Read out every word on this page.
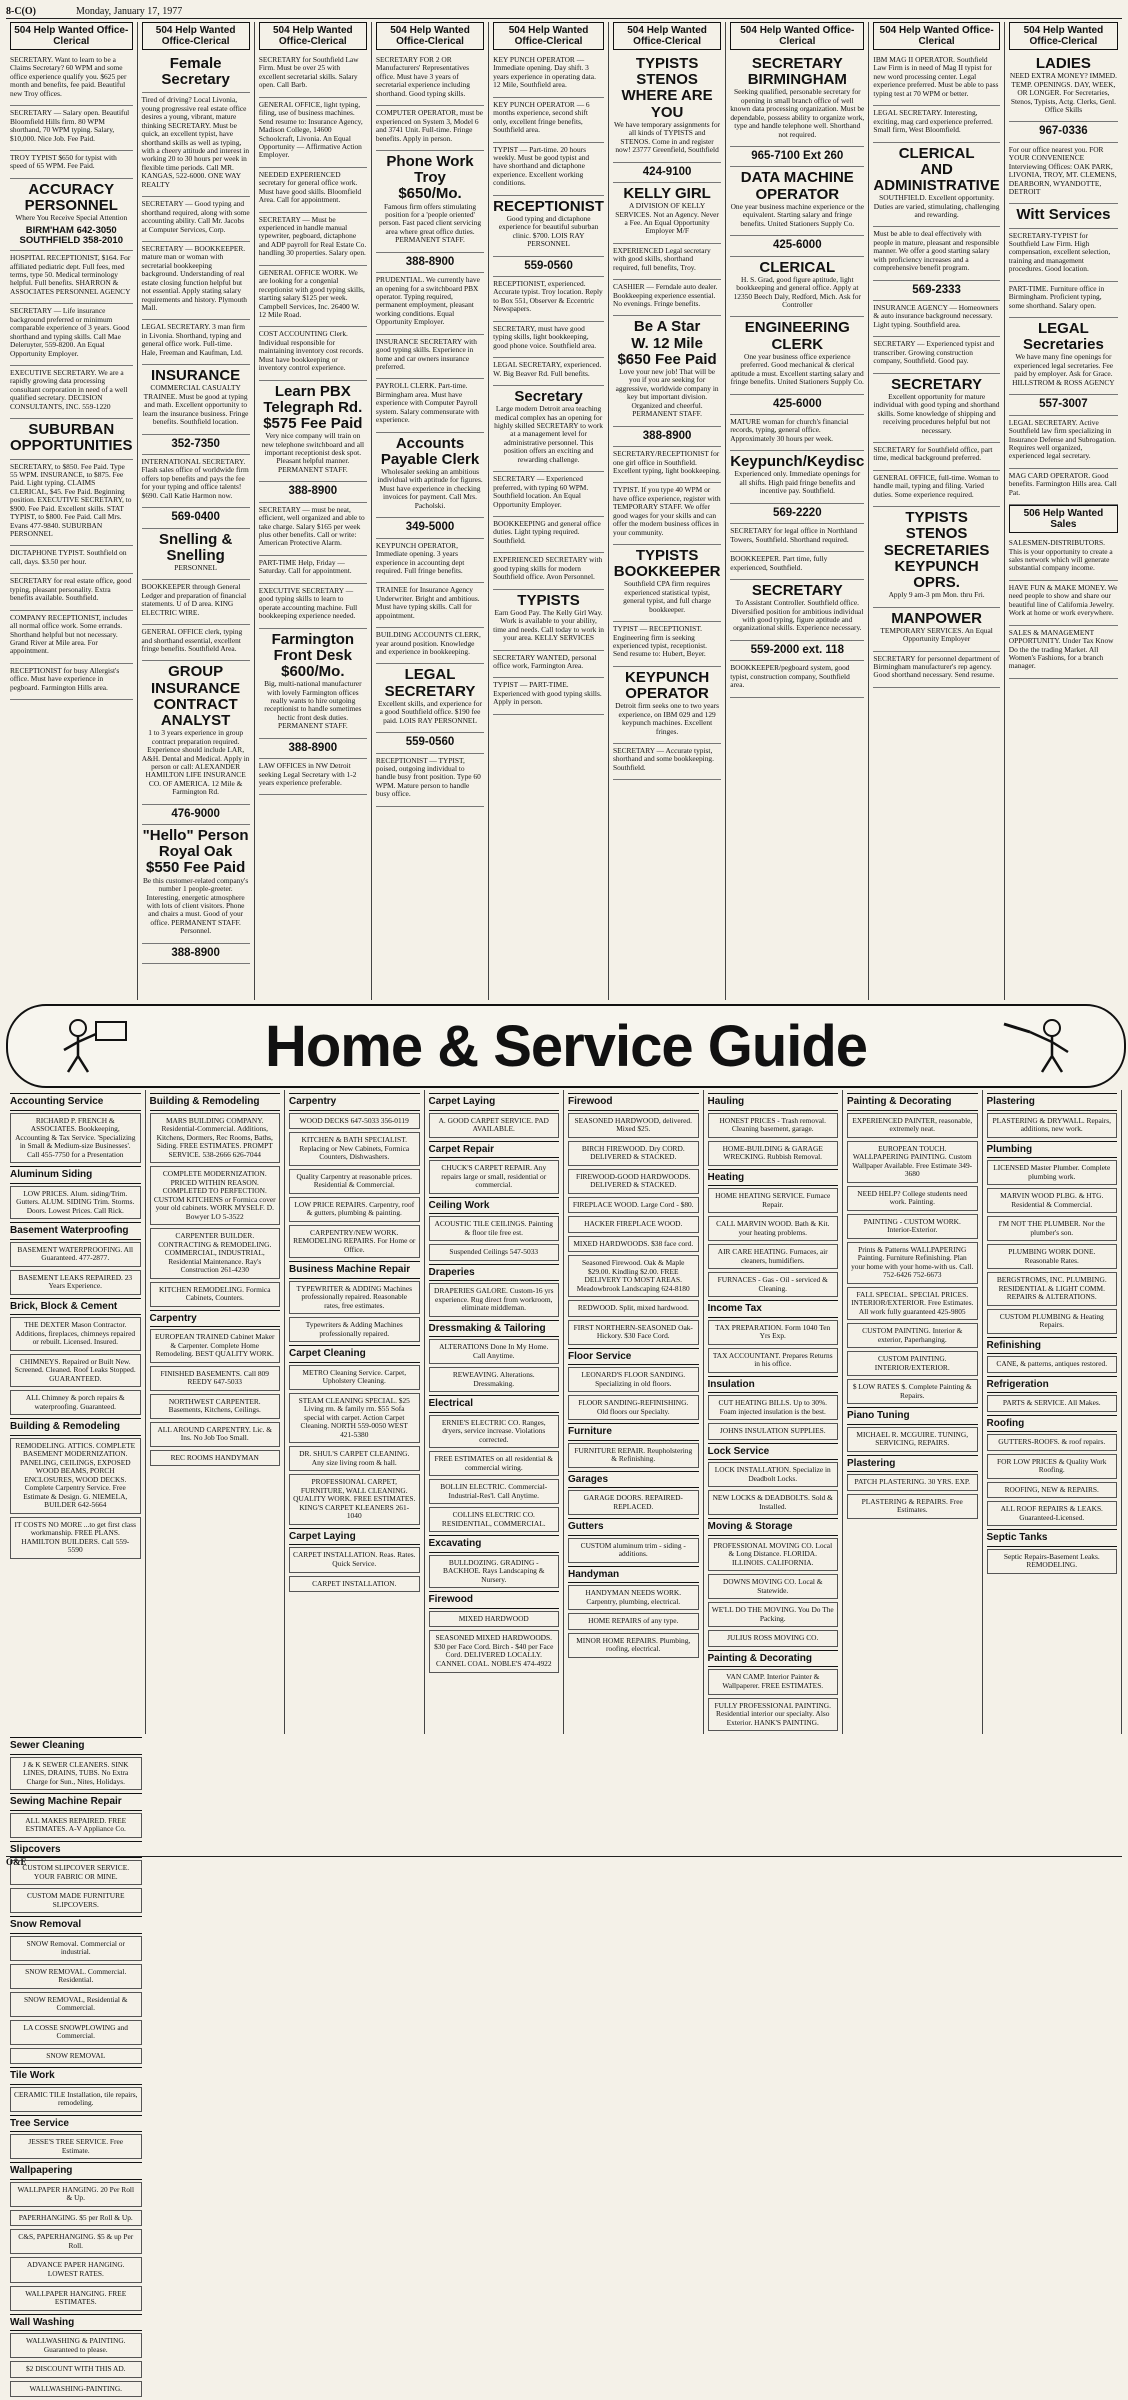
8-C(O)	Monday, January 17, 1977
504 Help Wanted Office-Clerical

SECRETARY. Want to learn to be a Claims Secretary? 60 WPM and some office experience qualify you. $625 per month and benefits, fee paid. Beautiful new Troy offices.

SECRETARY — Salary open. Beautiful Bloomfield Hills firm. 80 WPM shorthand, 70 WPM typing. Salary, $10,000. Nice Job. Fee Paid.

TROY TYPIST $650 for typist with speed of 65 WPM. Fee Paid.

ACCURACY
PERSONNEL

Where You Receive Special Attention

BIRM'HAM 642-3050
SOUTHFIELD 358-2010

HOSPITAL RECEPTIONIST, $164. For affiliated pediatric dept. Full fees, med terms, type 50. Medical terminology helpful. Full benefits. SHARRON & ASSOCIATES PERSONNEL AGENCY

SECRETARY — Life insurance background preferred or minimum comparable experience of 3 years. Good shorthand and typing skills. Call Mae Deleruyter, 559-8200. An Equal Opportunity Employer.

EXECUTIVE SECRETARY. We are a rapidly growing data processing consultant corporation in need of a well qualified secretary. DECISION CONSULTANTS, INC. 559-1220

SUBURBAN
OPPORTUNITIES

SECRETARY, to $850. Fee Paid. Type 55 WPM. INSURANCE, to $875. Fee Paid. Light typing. CLAIMS CLERICAL, $45. Fee Paid. Beginning position. EXECUTIVE SECRETARY, to $900. Fee Paid. Excellent skills. STAT TYPIST, to $800. Fee Paid. Call Mrs. Evans 477-9840. SUBURBAN PERSONNEL

DICTAPHONE TYPIST. Southfield on call, days. $3.50 per hour.

SECRETARY for real estate office, good typing, pleasant personality. Extra benefits available. Southfield.

COMPANY RECEPTIONIST, includes all normal office work. Some errands. Shorthand helpful but not necessary. Grand River at Mile area. For appointment.

RECEPTIONIST for busy Allergist's office. Must have experience in pegboard. Farmington Hills area.

504 Help Wanted Office-Clerical
Female Secretary

Tired of driving? Local Livonia, young progressive real estate office desires a young, vibrant, mature thinking SECRETARY. Must be quick, an excellent typist, have shorthand skills as well as typing, with a cheery attitude and interest in working 20 to 30 hours per week in flexible time periods. Call MR. KANGAS, 522-6000. ONE WAY REALTY

SECRETARY — Good typing and shorthand required, along with some accounting ability. Call Mr. Jacobs at Computer Services, Corp.

SECRETARY — BOOKKEEPER. mature man or woman with secretarial bookkeeping background. Understanding of real estate closing function helpful but not essential. Apply stating salary requirements and history. Plymouth Mall.

LEGAL SECRETARY. 3 man firm in Livonia. Shorthand, typing and general office work. Full-time. Hale, Freeman and Kaufman, Ltd.

INSURANCE

COMMERCIAL CASUALTY TRAINEE. Must be good at typing and math. Excellent opportunity to learn the insurance business. Fringe benefits. Southfield location.

352-7350

INTERNATIONAL SECRETARY. Flash sales office of worldwide firm offers top benefits and pays the fee for your typing and office talents! $690. Call Katie Harmon now.

569-0400
Snelling & Snelling

PERSONNEL

BOOKKEEPER through General Ledger and preparation of financial statements. U of D area. KING ELECTRIC WIRE.

GENERAL OFFICE clerk, typing and shorthand essential, excellent fringe benefits. Southfield Area.

GROUP INSURANCE
CONTRACT ANALYST

1 to 3 years experience in group contract preparation required. Experience should include LAR, A&H. Dental and Medical. Apply in person or call: ALEXANDER HAMILTON LIFE INSURANCE CO. OF AMERICA. 12 Mile & Farmington Rd.

476-9000
"Hello" Person
Royal Oak
$550 Fee Paid

Be this customer-related company's number 1 people-greeter. Interesting, energetic atmosphere with lots of client visitors. Phone and chairs a must. Good of your office. PERMANENT STAFF. Personnel.

388-8900
504 Help Wanted Office-Clerical

SECRETARY for Southfield Law Firm. Must be over 25 with excellent secretarial skills. Salary open. Call Barb.

GENERAL OFFICE, light typing, filing, use of business machines. Send resume to: Insurance Agency, Madison College, 14600 Schoolcraft, Livonia. An Equal Opportunity — Affirmative Action Employer.

NEEDED EXPERIENCED secretary for general office work. Must have good skills. Bloomfield Area. Call for appointment.

SECRETARY — Must be experienced in handle manual typewriter, pegboard, dictaphone and ADP payroll for Real Estate Co. handling 30 properties. Salary open.

GENERAL OFFICE WORK. We are looking for a congenial receptionist with good typing skills, starting salary $125 per week. Campbell Services, Inc. 26400 W. 12 Mile Road.

COST ACCOUNTING Clerk. Individual responsible for maintaining inventory cost records. Must have bookkeeping or inventory control experience.

Learn PBX
Telegraph Rd.
$575 Fee Paid

Very nice company will train on new telephone switchboard and all important receptionist desk spot. Pleasant helpful manner. PERMANENT STAFF.

388-8900

SECRETARY — must be neat, efficient, well organized and able to take charge. Salary $165 per week plus other benefits. Call or write: American Protective Alarm.

PART-TIME Help, Friday — Saturday. Call for appointment.

EXECUTIVE SECRETARY — good typing skills to learn to operate accounting machine. Full bookkeeping experience needed.

Farmington
Front Desk
$600/Mo.

Big, multi-national manufacturer with lovely Farmington offices really wants to hire outgoing receptionist to handle sometimes hectic front desk duties. PERMANENT STAFF.

388-8900

LAW OFFICES in NW Detroit seeking Legal Secretary with 1-2 years experience preferable.

504 Help Wanted Office-Clerical

SECRETARY FOR 2 OR Manufacturers' Representatives office. Must have 3 years of secretarial experience including shorthand. Good typing skills.

COMPUTER OPERATOR, must be experienced on System 3, Model 6 and 3741 Unit. Full-time. Fringe benefits. Apply in person.

Phone Work
Troy
$650/Mo.

Famous firm offers stimulating position for a 'people oriented' person. Fast paced client servicing area where great office duties. PERMANENT STAFF.

388-8900

PRUDENTIAL. We currently have an opening for a switchboard PBX operator. Typing required, permanent employment, pleasant working conditions. Equal Opportunity Employer.

INSURANCE SECRETARY with good typing skills. Experience in home and car owners insurance preferred.

PAYROLL CLERK. Part-time. Birmingham area. Must have experience with Computer Payroll system. Salary commensurate with experience.

Accounts Payable Clerk

Wholesaler seeking an ambitious individual with aptitude for figures. Must have experience in checking invoices for payment. Call Mrs. Pacholski.

349-5000

KEYPUNCH OPERATOR, Immediate opening. 3 years experience in accounting dept required. Full fringe benefits.

TRAINEE for Insurance Agency Underwriter. Bright and ambitious. Must have typing skills. Call for appointment.

BUILDING ACCOUNTS CLERK, year around position. Knowledge and experience in bookkeeping.

LEGAL
SECRETARY

Excellent skills, and experience for a good Southfield office. $190 fee paid. LOIS RAY PERSONNEL

559-0560

RECEPTIONIST — TYPIST, poised, outgoing individual to handle busy front position. Type 60 WPM. Mature person to handle busy office.

504 Help Wanted Office-Clerical

KEY PUNCH OPERATOR — Immediate opening. Day shift. 3 years experience in operating data. 12 Mile, Southfield area.

KEY PUNCH OPERATOR — 6 months experience, second shift only, excellent fringe benefits, Southfield area.

TYPIST — Part-time. 20 hours weekly. Must be good typist and have shorthand and dictaphone experience. Excellent working conditions.

RECEPTIONIST

Good typing and dictaphone experience for beautiful suburban clinic. $700. LOIS RAY PERSONNEL

559-0560

RECEPTIONIST, experienced. Accurate typist. Troy location. Reply to Box 551, Observer & Eccentric Newspapers.

SECRETARY, must have good typing skills, light bookkeeping, good phone voice. Southfield area.

LEGAL SECRETARY, experienced. W. Big Beaver Rd. Full benefits.

Secretary

Large modern Detroit area teaching medical complex has an opening for highly skilled SECRETARY to work at a management level for administrative personnel. This position offers an exciting and rewarding challenge.

SECRETARY — Experienced preferred, with typing 60 WPM. Southfield location. An Equal Opportunity Employer.

BOOKKEEPING and general office duties. Light typing required. Southfield.

EXPERIENCED SECRETARY with good typing skills for modern Southfield office. Avon Personnel.

TYPISTS

Earn Good Pay. The Kelly Girl Way. Work is available to your ability, time and needs. Call today to work in your area. KELLY SERVICES

SECRETARY WANTED, personal office work, Farmington Area.

TYPIST — PART-TIME. Experienced with good typing skills. Apply in person.

504 Help Wanted Office-Clerical
TYPISTS
STENOS
WHERE ARE YOU

We have temporary assignments for all kinds of TYPISTS and STENOS. Come in and register now! 23777 Greenfield, Southfield

424-9100
KELLY GIRL

A DIVISION OF KELLY SERVICES. Not an Agency. Never a Fee. An Equal Opportunity Employer M/F

EXPERIENCED Legal secretary with good skills, shorthand required, full benefits, Troy.

CASHIER — Ferndale auto dealer. Bookkeeping experience essential. No evenings. Fringe benefits.

Be A Star
W. 12 Mile
$650 Fee Paid

Love your new job! That will be you if you are seeking for aggressive, worldwide company in key but important division. Organized and cheerful. PERMANENT STAFF.

388-8900

SECRETARY/RECEPTIONIST for one girl office in Southfield. Excellent typing, light bookkeeping.

TYPIST. If you type 40 WPM or have office experience, register with TEMPORARY STAFF. We offer good wages for your skills and can offer the modern business offices in your community.

TYPISTS
BOOKKEEPER

Southfield CPA firm requires experienced statistical typist, general typist, and full charge bookkeeper.

TYPIST — RECEPTIONIST. Engineering firm is seeking experienced typist, receptionist. Send resume to: Hubert, Beyer.

KEYPUNCH
OPERATOR

Detroit firm seeks one to two years experience, on IBM 029 and 129 keypunch machines. Excellent fringes.

SECRETARY — Accurate typist, shorthand and some bookkeeping. Southfield.

504 Help Wanted Office-Clerical
SECRETARY
BIRMINGHAM

Seeking qualified, personable secretary for opening in small branch office of well known data processing organization. Must be dependable, possess ability to organize work, type and handle telephone well. Shorthand not required.

965-7100 Ext 260
DATA MACHINE
OPERATOR

One year business machine experience or the equivalent. Starting salary and fringe benefits. United Stationers Supply Co.

425-6000
CLERICAL

H. S. Grad, good figure aptitude, light bookkeeping and general office. Apply at 12350 Beech Daly, Redford, Mich. Ask for Controller

ENGINEERING
CLERK

One year business office experience preferred. Good mechanical & clerical aptitude a must. Excellent starting salary and fringe benefits. United Stationers Supply Co.

425-6000

MATURE woman for church's financial records, typing, general office. Approximately 30 hours per week.

Keypunch/Keydisc

Experienced only. Immediate openings for all shifts. High paid fringe benefits and incentive pay. Southfield.

569-2220

SECRETARY for legal office in Northland Towers, Southfield. Shorthand required.

BOOKKEEPER. Part time, fully experienced, Southfield.

SECRETARY

To Assistant Controller. Southfield office. Diversified position for ambitious individual with good typing, figure aptitude and organizational skills. Experience necessary.

559-2000 ext. 118

BOOKKEEPER/pegboard system, good typist, construction company, Southfield area.

504 Help Wanted Office-Clerical

IBM MAG II OPERATOR. Southfield Law Firm is in need of Mag II typist for new word processing center. Legal experience preferred. Must be able to pass typing test at 70 WPM or better.

LEGAL SECRETARY. Interesting, exciting, mag card experience preferred. Small firm, West Bloomfield.

CLERICAL
AND
ADMINISTRATIVE

SOUTHFIELD. Excellent opportunity. Duties are varied, stimulating, challenging and rewarding.

Must be able to deal effectively with people in mature, pleasant and responsible manner. We offer a good starting salary with proficiency increases and a comprehensive benefit program.

569-2333

INSURANCE AGENCY — Homeowners & auto insurance background necessary. Light typing. Southfield area.

SECRETARY — Experienced typist and transcriber. Growing construction company, Southfield. Good pay.

SECRETARY

Excellent opportunity for mature individual with good typing and shorthand skills. Some knowledge of shipping and receiving procedures helpful but not necessary.

SECRETARY for Southfield office, part time, medical background preferred.

GENERAL OFFICE, full-time. Woman to handle mail, typing and filing. Varied duties. Some experience required.

TYPISTS
STENOS
SECRETARIES
KEYPUNCH OPRS.

Apply 9 am-3 pm Mon. thru Fri.

MANPOWER

TEMPORARY SERVICES. An Equal Opportunity Employer

SECRETARY for personnel department of Birmingham manufacturer's rep agency. Good shorthand necessary. Send resume.

504 Help Wanted Office-Clerical
LADIES

NEED EXTRA MONEY? IMMED. TEMP. OPENINGS. DAY, WEEK, OR LONGER. For Secretaries, Stenos, Typists, Actg. Clerks, Genl. Office Skills

967-0336

For our office nearest you. FOR YOUR CONVENIENCE Interviewing Offices: OAK PARK, LIVONIA, TROY, MT. CLEMENS, DEARBORN, WYANDOTTE, DETROIT

Witt Services

SECRETARY-TYPIST for Southfield Law Firm. High compensation, excellent selection, training and management procedures. Good location.

PART-TIME. Furniture office in Birmingham. Proficient typing, some shorthand. Salary open.

LEGAL
Secretaries

We have many fine openings for experienced legal secretaries. Fee paid by employer. Ask for Grace. HILLSTROM & ROSS AGENCY

557-3007

LEGAL SECRETARY. Active Southfield law firm specializing in Insurance Defense and Subrogation. Requires well organized, experienced legal secretary.

MAG CARD OPERATOR. Good benefits. Farmington Hills area. Call Pat.

506 Help Wanted Sales

SALESMEN-DISTRIBUTORS. This is your opportunity to create a sales network which will generate substantial company income.

HAVE FUN & MAKE MONEY. We need people to show and share our beautiful line of California Jewelry. Work at home or work everywhere.

SALES & MANAGEMENT OPPORTUNITY. Under Tax Know Do the the trading Market. All Women's Fashions, for a branch manager.

Home & Service Guide
Accounting Service
RICHARD P. FRENCH & ASSOCIATES. Bookkeeping, Accounting & Tax Service. 'Specializing in Small & Medium-size Businesses'. Call 455-7750 for a Presentation
Aluminum Siding
LOW PRICES. Alum. siding/Trim. Gutters. ALUM. SIDING Trim. Storms. Doors. Lowest Prices. Call Rick.
Basement Waterproofing
BASEMENT WATERPROOFING. All Guaranteed. 477-2877.
BASEMENT LEAKS REPAIRED. 23 Years Experience.
Brick, Block & Cement
THE DEXTER Mason Contractor. Additions, fireplaces, chimneys repaired or rebuilt. Licensed. Insured.
CHIMNEYS. Repaired or Built New. Screened. Cleaned. Roof Leaks Stopped. GUARANTEED.
ALL Chimney & porch repairs & waterproofing. Guaranteed.
Building & Remodeling
REMODELING. ATTICS. COMPLETE BASEMENT MODERNIZATION. PANELING, CEILINGS, EXPOSED WOOD BEAMS, PORCH ENCLOSURES, WOOD DECKS. Complete Carpentry Service. Free Estimate & Design. G. NIEMELA, BUILDER 642-5664
IT COSTS NO MORE ...to get first class workmanship. FREE PLANS. HAMILTON BUILDERS. Call 559-5590
Building & Remodeling
MARS BUILDING COMPANY. Residential-Commercial. Additions, Kitchens, Dormers, Rec Rooms, Baths, Siding. FREE ESTIMATES. PROMPT SERVICE. 538-2666 626-7044
COMPLETE MODERNIZATION. PRICED WITHIN REASON. COMPLETED TO PERFECTION. CUSTOM KITCHENS or Formica cover your old cabinets. WORK MYSELF. D. Bowyer LO 5-3522
CARPENTER BUILDER. CONTRACTING & REMODELING. COMMERCIAL, INDUSTRIAL, Residential Maintenance. Ray's Construction 261-4230
KITCHEN REMODELING. Formica Cabinets, Counters.
Carpentry
EUROPEAN TRAINED Cabinet Maker & Carpenter. Complete Home Remodeling. BEST QUALITY WORK.
FINISHED BASEMENTS. Call 809 REEDY 647-5033
NORTHWEST CARPENTER. Basements, Kitchens, Ceilings.
ALL AROUND CARPENTRY. Lic. & Ins. No Job Too Small.
REC ROOMS HANDYMAN
Carpentry
WOOD DECKS 647-5033 356-0119
KITCHEN & BATH SPECIALIST. Replacing or New Cabinets, Formica Counters, Dishwashers.
Quality Carpentry at reasonable prices. Residential & Commercial.
LOW PRICE REPAIRS. Carpentry, roof & gutters, plumbing & painting.
CARPENTRY/NEW WORK. REMODELING REPAIRS. For Home or Office.
Business Machine Repair
TYPEWRITER & ADDING Machines professionally repaired. Reasonable rates, free estimates.
Typewriters & Adding Machines professionally repaired.
Carpet Cleaning
METRO Cleaning Service. Carpet, Upholstery Cleaning.
STEAM CLEANING SPECIAL. $25 Living rm. & family rm. $55 Sofa special with carpet. Action Carpet Cleaning. NORTH 559-0050 WEST 421-5380
DR. SHUL'S CARPET CLEANING. Any size living room & hall.
PROFESSIONAL CARPET, FURNITURE, WALL CLEANING. QUALITY WORK. FREE ESTIMATES. KING'S CARPET KLEANERS 261-1040
Carpet Laying
CARPET INSTALLATION. Reas. Rates. Quick Service.
CARPET INSTALLATION.
Carpet Laying
A. GOOD CARPET SERVICE. PAD AVAILABLE.
Carpet Repair
CHUCK'S CARPET REPAIR. Any repairs large or small, residential or commercial.
Ceiling Work
ACOUSTIC TILE CEILINGS. Painting & floor tile free est.
Suspended Ceilings 547-5033
Draperies
DRAPERIES GALORE. Custom-16 yrs experience. Rug direct from workroom, eliminate middleman.
Dressmaking & Tailoring
ALTERATIONS Done In My Home. Call Anytime.
REWEAVING. Alterations. Dressmaking.
Electrical
ERNIE'S ELECTRIC CO. Ranges, dryers, service increase. Violations corrected.
FREE ESTIMATES on all residential & commercial wiring.
BOLLIN ELECTRIC. Commercial-Industrial-Res'l. Call Anytime.
COLLINS ELECTRIC CO. RESIDENTIAL, COMMERCIAL.
Excavating
BULLDOZING. GRADING - BACKHOE. Rays Landscaping & Nursery.
Firewood
MIXED HARDWOOD
SEASONED MIXED HARDWOODS. $30 per Face Cord. Birch - $40 per Face Cord. DELIVERED LOCALLY. CANNEL COAL. NOBLE'S 474-4922
Firewood
SEASONED HARDWOOD, delivered. Mixed $25.
BIRCH FIREWOOD. Dry CORD. DELIVERED & STACKED.
FIREWOOD-GOOD HARDWOODS. DELIVERED & STACKED.
FIREPLACE WOOD. Large Cord - $80.
HACKER FIREPLACE WOOD.
MIXED HARDWOODS. $38 face cord.
Seasoned Firewood. Oak & Maple $29.00. Kindling $2.00. FREE DELIVERY TO MOST AREAS. Meadowbrook Landscaping 624-8180
REDWOOD. Split, mixed hardwood.
FIRST NORTHERN-SEASONED Oak-Hickory. $30 Face Cord.
Floor Service
LEONARD'S FLOOR SANDING. Specializing in old floors.
FLOOR SANDING-REFINISHING. Old floors our Specialty.
Furniture
FURNITURE REPAIR. Reupholstering & Refinishing.
Garages
GARAGE DOORS. REPAIRED-REPLACED.
Gutters
CUSTOM aluminum trim - siding - additions.
Handyman
HANDYMAN NEEDS WORK. Carpentry, plumbing, electrical.
HOME REPAIRS of any type.
MINOR HOME REPAIRS. Plumbing, roofing, electrical.
Hauling
HONEST PRICES - Trash removal. Cleaning basement, garage.
HOME-BUILDING & GARAGE WRECKING. Rubbish Removal.
Heating
HOME HEATING SERVICE. Furnace Repair.
CALL MARVIN WOOD. Bath & Kit. your heating problems.
AIR CARE HEATING. Furnaces, air cleaners, humidifiers.
FURNACES - Gas - Oil - serviced & Cleaning.
Income Tax
TAX PREPARATION. Form 1040 Ten Yrs Exp.
TAX ACCOUNTANT. Prepares Returns in his office.
Insulation
CUT HEATING BILLS. Up to 30%. Foam injected insulation is the best.
JOHNS INSULATION SUPPLIES.
Lock Service
LOCK INSTALLATION. Specialize in Deadbolt Locks.
NEW LOCKS & DEADBOLTS. Sold & Installed.
Moving & Storage
PROFESSIONAL MOVING CO. Local & Long Distance. FLORIDA. ILLINOIS. CALIFORNIA.
DOWNS MOVING CO. Local & Statewide.
WE'LL DO THE MOVING. You Do The Packing.
JULIUS ROSS MOVING CO.
Painting & Decorating
VAN CAMP. Interior Painter & Wallpaperer. FREE ESTIMATES.
FULLY PROFESSIONAL PAINTING. Residential interior our specialty. Also Exterior. HANK'S PAINTING.
Painting & Decorating
EXPERIENCED PAINTER, reasonable, extremely neat.
EUROPEAN TOUCH. WALLPAPERING PAINTING. Custom Wallpaper Available. Free Estimate 349-3680
NEED HELP? College students need work. Painting.
PAINTING - CUSTOM WORK. Interior-Exterior.
Prints & Patterns WALLPAPERING Painting. Furniture Refinishing. Plan your home with your home-with us. Call. 752-6426 752-6673
FALL SPECIAL. SPECIAL PRICES. INTERIOR/EXTERIOR. Free Estimates. All work fully guaranteed 425-9805
CUSTOM PAINTING. Interior & exterior, Paperhanging.
CUSTOM PAINTING. INTERIOR/EXTERIOR.
$ LOW RATES $. Complete Painting & Repairs.
Piano Tuning
MICHAEL R. MCGUIRE. TUNING, SERVICING, REPAIRS.
Plastering
PATCH PLASTERING. 30 YRS. EXP.
PLASTERING & REPAIRS. Free Estimates.
Plastering
PLASTERING & DRYWALL. Repairs, additions, new work.
Plumbing
LICENSED Master Plumber. Complete plumbing work.
MARVIN WOOD PLBG. & HTG. Residential & Commercial.
I'M NOT THE PLUMBER. Nor the plumber's son.
PLUMBING WORK DONE. Reasonable Rates.
BERGSTROMS, INC. PLUMBING. RESIDENTIAL & LIGHT COMM. REPAIRS & ALTERATIONS.
CUSTOM PLUMBING & Heating Repairs.
Refinishing
CANE, & patterns, antiques restored.
Refrigeration
PARTS & SERVICE. All Makes.
Roofing
GUTTERS-ROOFS. & roof repairs.
FOR LOW PRICES & Quality Work Roofing.
ROOFING, NEW & REPAIRS.
ALL ROOF REPAIRS & LEAKS. Guaranteed-Licensed.
Septic Tanks
Septic Repairs-Basement Leaks. REMODELING.
Sewer Cleaning
J & K SEWER CLEANERS. SINK LINES, DRAINS, TUBS. No Extra Charge for Sun., Nites, Holidays.
Sewing Machine Repair
ALL MAKES REPAIRED. FREE ESTIMATES. A-V Appliance Co.
Slipcovers
CUSTOM SLIPCOVER SERVICE. YOUR FABRIC OR MINE.
CUSTOM MADE FURNITURE SLIPCOVERS.
Snow Removal
SNOW Removal. Commercial or industrial.
SNOW REMOVAL. Commercial. Residential.
SNOW REMOVAL, Residential & Commercial.
LA COSSE SNOWPLOWING and Commercial.
SNOW REMOVAL
Tile Work
CERAMIC TILE Installation, tile repairs, remodeling.
Tree Service
JESSE'S TREE SERVICE. Free Estimate.
Wallpapering
WALLPAPER HANGING. 20 Per Roll & Up.
PAPERHANGING. $5 per Roll & Up.
C&S, PAPERHANGING. $5 & up Per Roll.
ADVANCE PAPER HANGING. LOWEST RATES.
WALLPAPER HANGING. FREE ESTIMATES.
Wall Washing
WALLWASHING & PAINTING. Guaranteed to please.
$2 DISCOUNT WITH THIS AD.
WALLWASHING-PAINTING.
O&E
